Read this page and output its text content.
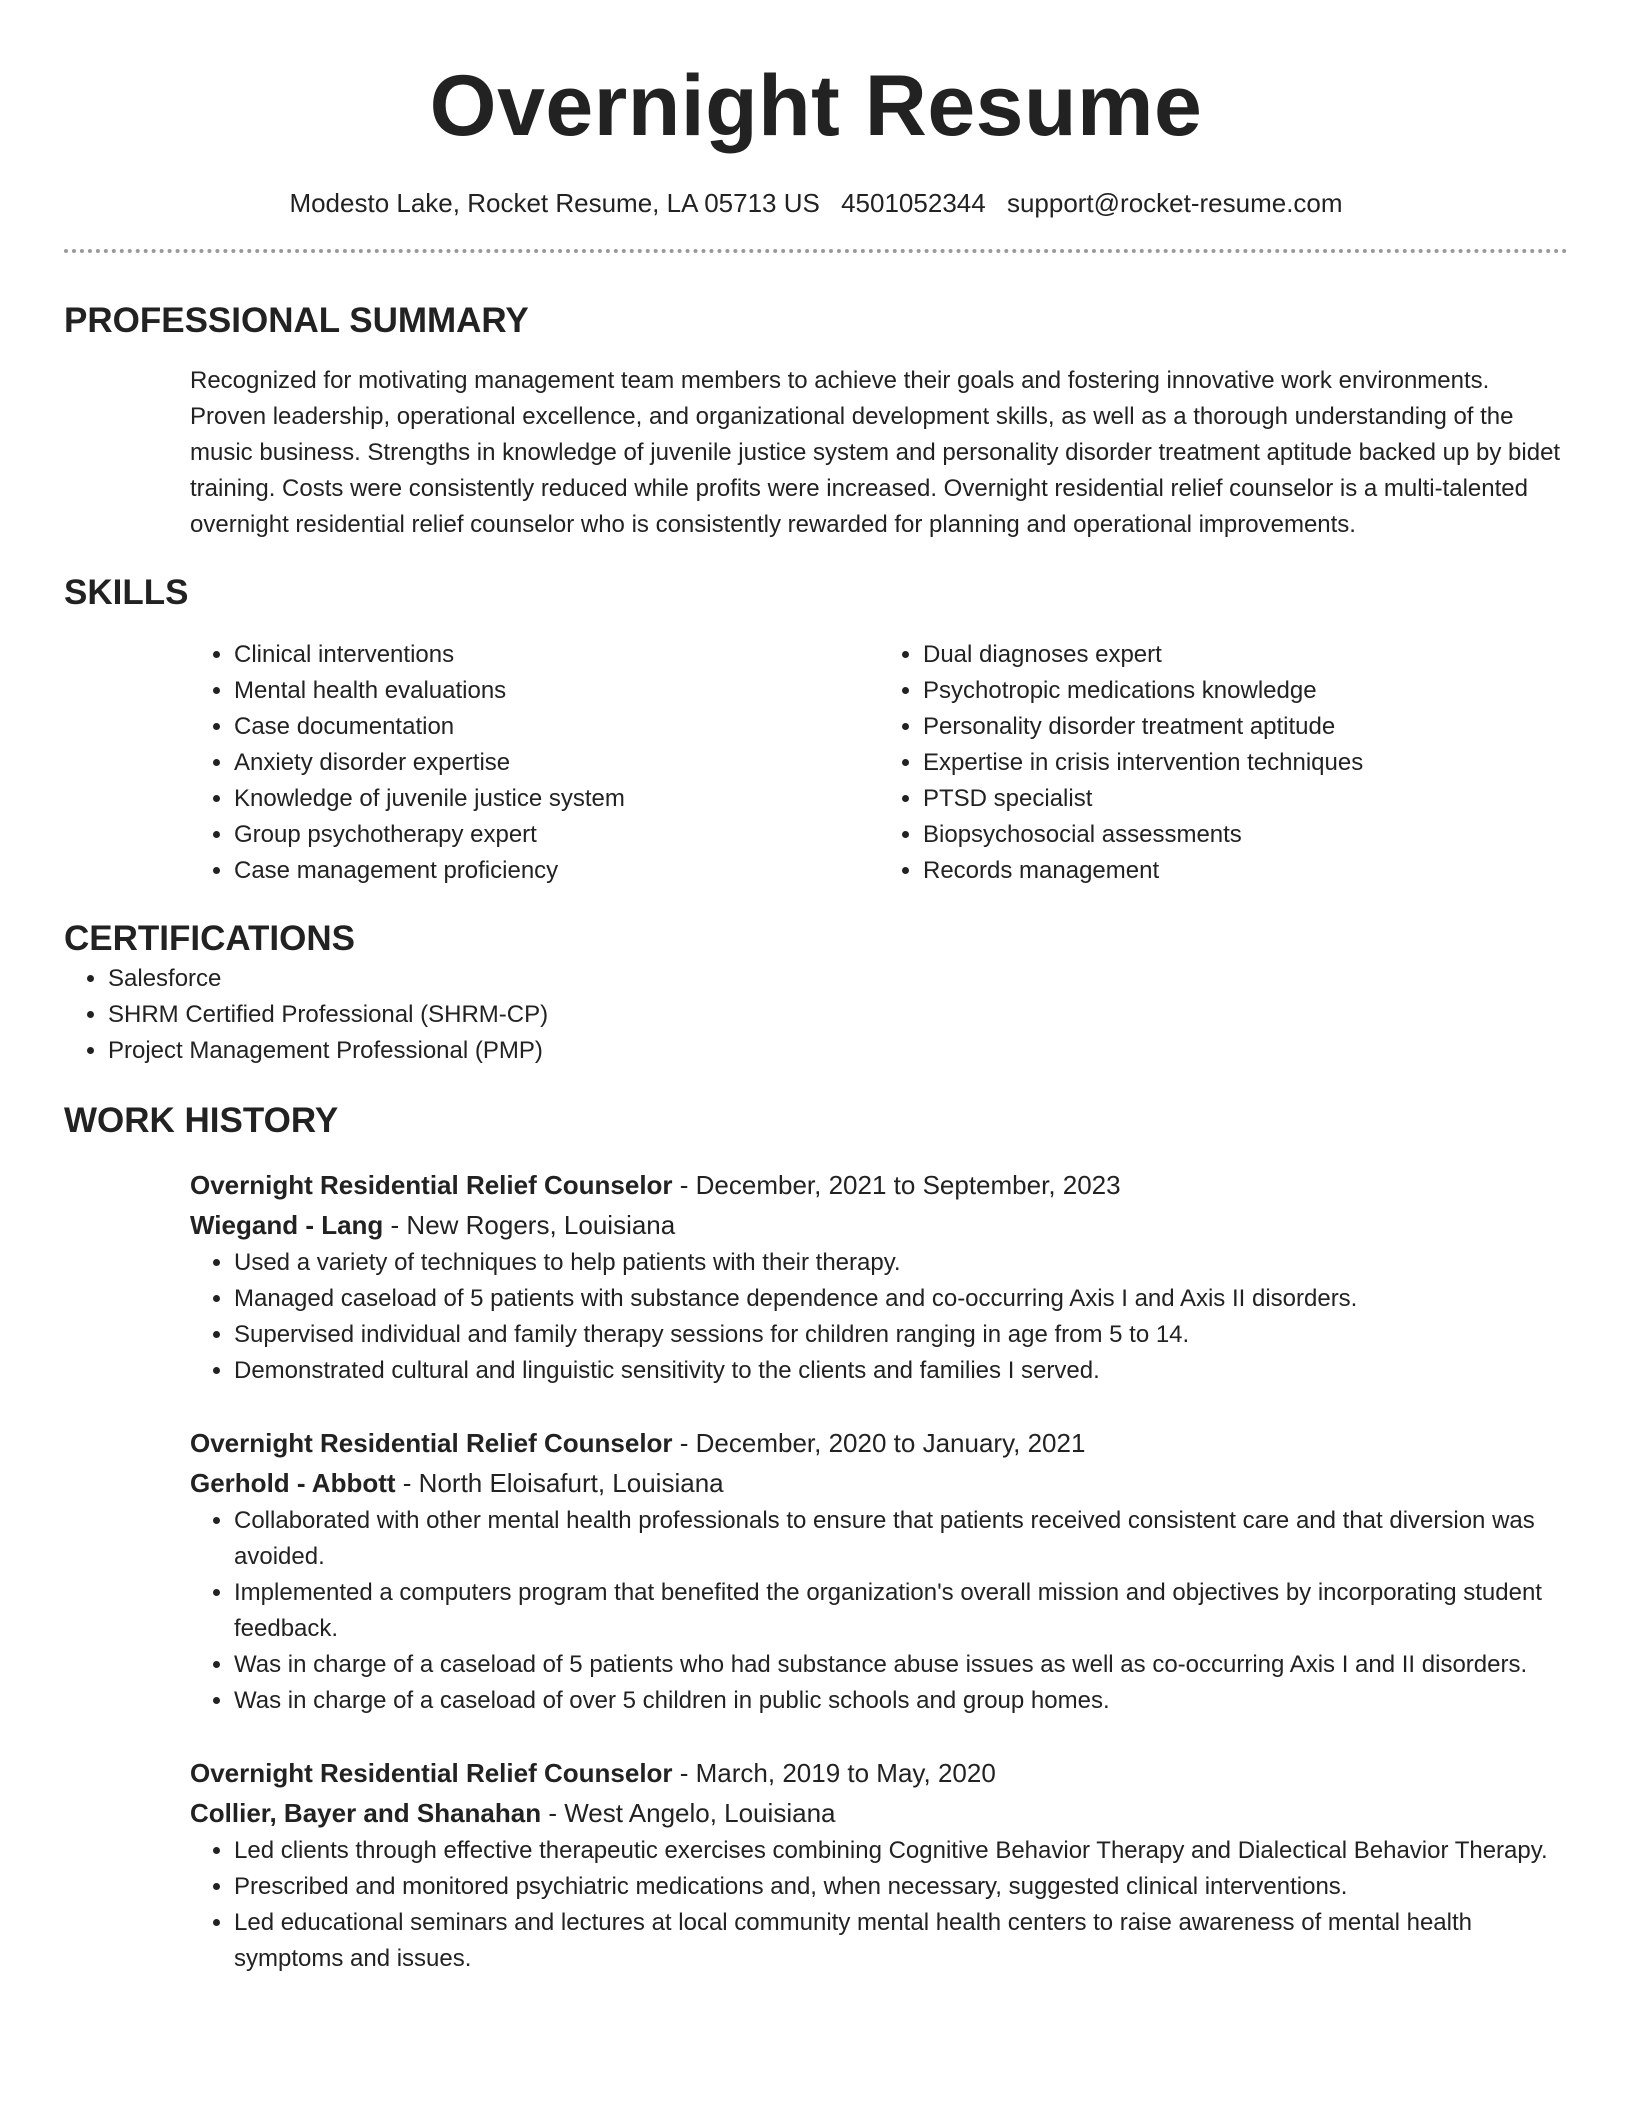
Overnight Resume
Modesto Lake, Rocket Resume, LA 05713 US 4501052344 support@rocket-resume.com
PROFESSIONAL SUMMARY

Recognized for motivating management team members to achieve their goals and fostering innovative work environments. Proven leadership, operational excellence, and organizational development skills, as well as a thorough understanding of the music business. Strengths in knowledge of juvenile justice system and personality disorder treatment aptitude backed up by bidet training. Costs were consistently reduced while profits were increased. Overnight residential relief counselor is a multi-talented overnight residential relief counselor who is consistently rewarded for planning and operational improvements.

SKILLS
• Clinical interventions
• Mental health evaluations
• Case documentation
• Anxiety disorder expertise
• Knowledge of juvenile justice system
• Group psychotherapy expert
• Case management proficiency
• Dual diagnoses expert
• Psychotropic medications knowledge
• Personality disorder treatment aptitude
• Expertise in crisis intervention techniques
• PTSD specialist
• Biopsychosocial assessments
• Records management
CERTIFICATIONS
• Salesforce
• SHRM Certified Professional (SHRM-CP)
• Project Management Professional (PMP)
WORK HISTORY
Overnight Residential Relief Counselor - December, 2021 to September, 2023
Wiegand - Lang - New Rogers, Louisiana
• Used a variety of techniques to help patients with their therapy.
• Managed caseload of 5 patients with substance dependence and co-occurring Axis I and Axis II disorders.
• Supervised individual and family therapy sessions for children ranging in age from 5 to 14.
• Demonstrated cultural and linguistic sensitivity to the clients and families I served.
Overnight Residential Relief Counselor - December, 2020 to January, 2021
Gerhold - Abbott - North Eloisafurt, Louisiana
• Collaborated with other mental health professionals to ensure that patients received consistent care and that diversion was avoided.
• Implemented a computers program that benefited the organization's overall mission and objectives by incorporating student feedback.
• Was in charge of a caseload of 5 patients who had substance abuse issues as well as co-occurring Axis I and II disorders.
• Was in charge of a caseload of over 5 children in public schools and group homes.
Overnight Residential Relief Counselor - March, 2019 to May, 2020
Collier, Bayer and Shanahan - West Angelo, Louisiana
• Led clients through effective therapeutic exercises combining Cognitive Behavior Therapy and Dialectical Behavior Therapy.
• Prescribed and monitored psychiatric medications and, when necessary, suggested clinical interventions.
• Led educational seminars and lectures at local community mental health centers to raise awareness of mental health symptoms and issues.
